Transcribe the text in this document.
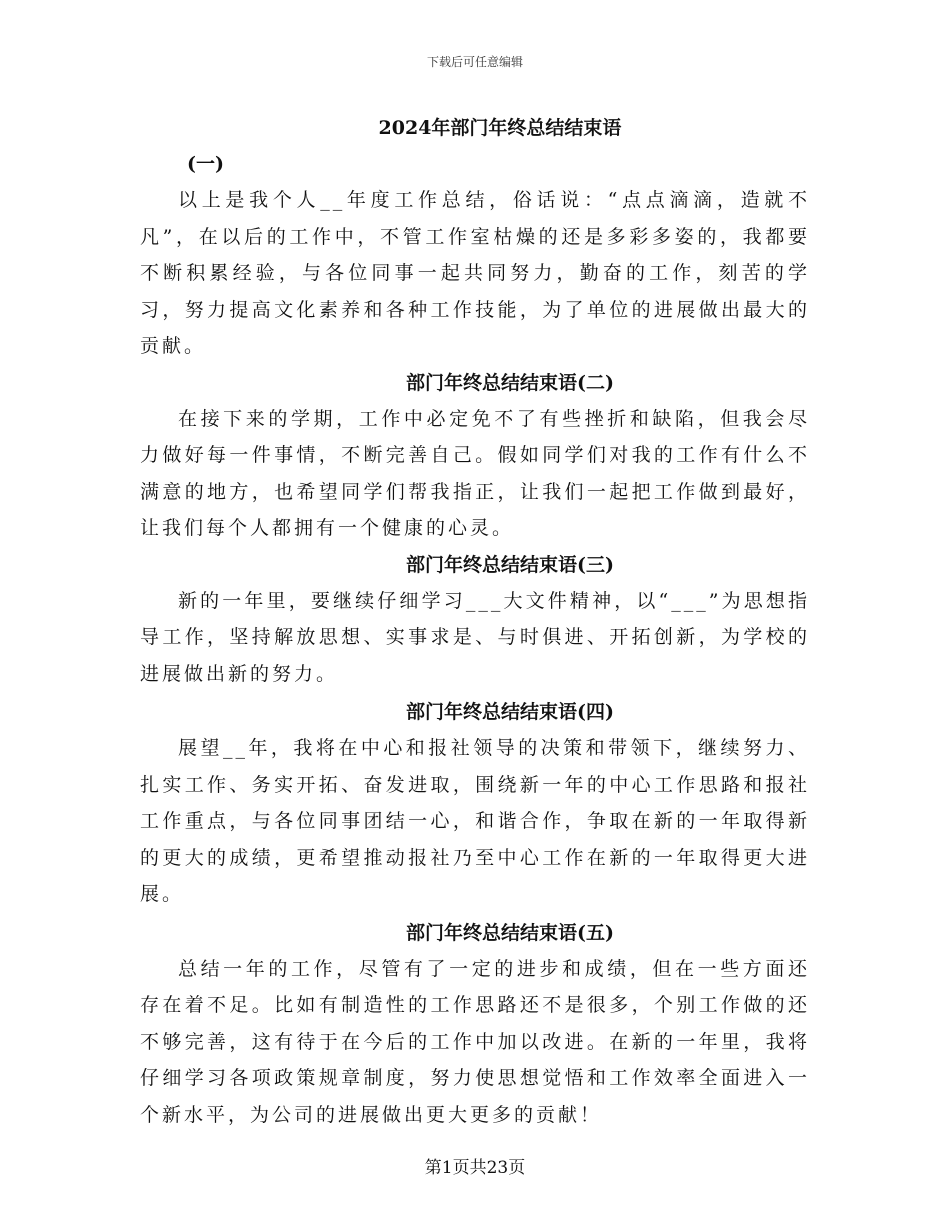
下载后可任意编辑
2024年部门年终总结结束语
(一)

以上是我个人__年度工作总结，俗话说：“点点滴滴，造就不凡”，在以后的工作中，不管工作室枯燥的还是多彩多姿的，我都要不断积累经验，与各位同事一起共同努力，勤奋的工作，刻苦的学习，努力提高文化素养和各种工作技能，为了单位的进展做出最大的贡献。

部门年终总结结束语(二)

在接下来的学期，工作中必定免不了有些挫折和缺陷，但我会尽力做好每一件事情，不断完善自己。假如同学们对我的工作有什么不满意的地方，也希望同学们帮我指正，让我们一起把工作做到最好，让我们每个人都拥有一个健康的心灵。

部门年终总结结束语(三)

新的一年里，要继续仔细学习___大文件精神，以“___”为思想指导工作，坚持解放思想、实事求是、与时俱进、开拓创新，为学校的进展做出新的努力。

部门年终总结结束语(四)

展望__年，我将在中心和报社领导的决策和带领下，继续努力、扎实工作、务实开拓、奋发进取，围绕新一年的中心工作思路和报社工作重点，与各位同事团结一心，和谐合作，争取在新的一年取得新的更大的成绩，更希望推动报社乃至中心工作在新的一年取得更大进展。

部门年终总结结束语(五)

总结一年的工作，尽管有了一定的进步和成绩，但在一些方面还存在着不足。比如有制造性的工作思路还不是很多，个别工作做的还不够完善，这有待于在今后的工作中加以改进。在新的一年里，我将仔细学习各项政策规章制度，努力使思想觉悟和工作效率全面进入一个新水平，为公司的进展做出更大更多的贡献！

第1页共23页
